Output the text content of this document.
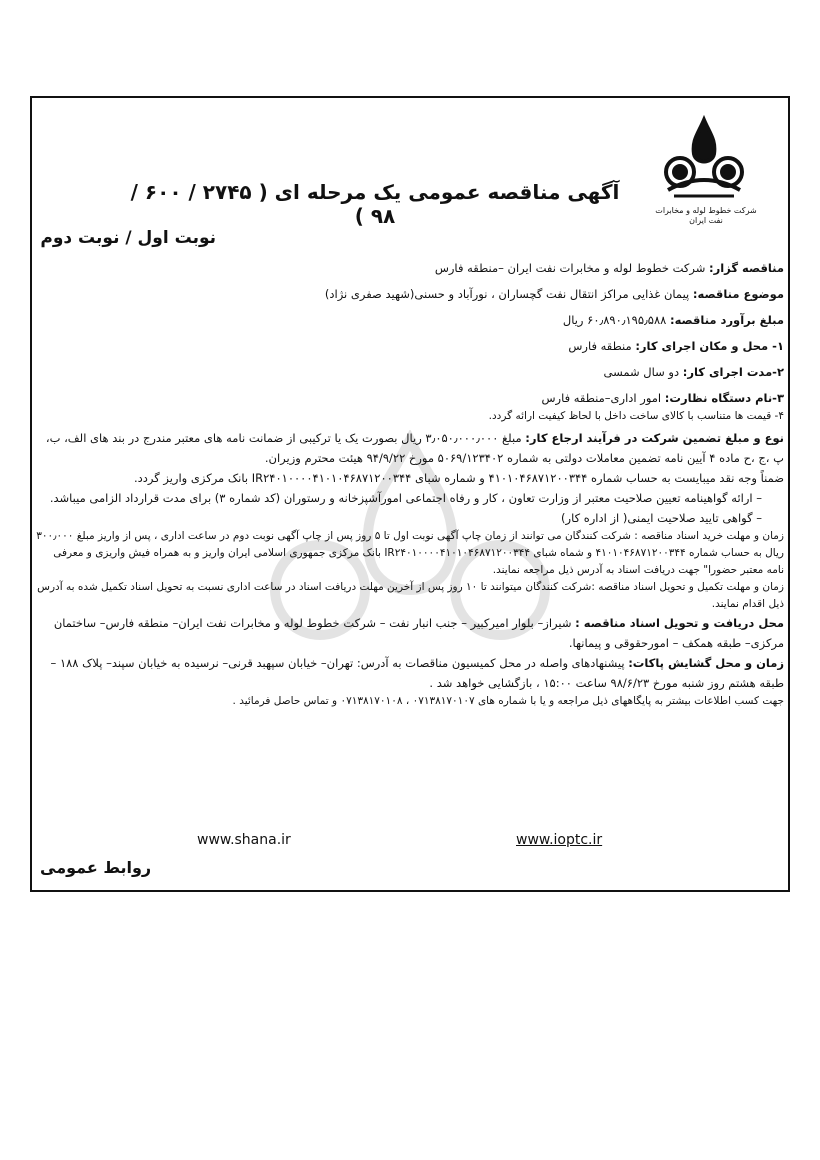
شرکت خطوط لوله و مخابرات نفت ایران
آگهی مناقصه عمومی یک مرحله ای ( ۲۷۴۵ / ۶۰۰ / ۹۸ )
نوبت اول / نوبت دوم

مناقصه گزار: شرکت خطوط لوله و مخابرات نفت ایران –منطقه فارس

موضوع مناقصه: پیمان غذایی مراکز انتقال نفت گچساران ، نورآباد و حسنی(شهید صفری نژاد)

مبلغ برآورد مناقصه: ۶۰٫۸۹۰٫۱۹۵٫۵۸۸ ریال

۱- محل و مکان اجرای کار: منطقه فارس

۲-مدت اجرای کار: دو سال شمسی

۳-نام دستگاه نظارت: امور اداری–منطقه فارس

۴- قیمت ها متناسب با کالای ساخت داخل با لحاظ کیفیت ارائه گردد.

نوع و مبلغ تضمین شرکت در فرآیند ارجاع کار: مبلغ ۳٫۰۵۰٫۰۰۰٫۰۰۰ ریال بصورت یک یا ترکیبی از ضمانت نامه های معتبر مندرج در بند های الف، ب، پ ،ج ،ح ماده ۴ آیین نامه تضمین معاملات دولتی به شماره ۵۰۶۹/۱۲۳۴۰۲ مورخ ۹۴/۹/۲۲ هیئت محترم وزیران.

ضمناً وجه نقد میبایست به حساب شماره ۴۱۰۱۰۴۶۸۷۱۲۰۰۳۴۴ و شماره شبای IR۲۴۰۱۰۰۰۰۴۱۰۱۰۴۶۸۷۱۲۰۰۳۴۴ بانک مرکزی واریز گردد.

– ارائه گواهینامه تعیین صلاحیت معتبر از وزارت تعاون ، کار و رفاه اجتماعی امورآشپزخانه و رستوران (کد شماره ۳) برای مدت قرارداد الزامی میباشد.

– گواهی تایید صلاحیت ایمنی( از اداره کار)

زمان و مهلت خرید اسناد مناقصه : شرکت کنندگان می توانند از زمان چاپ آگهی نوبت اول تا ۵ روز پس از چاپ آگهی نوبت دوم در ساعت اداری ، پس از واریز مبلغ ۳۰۰٫۰۰۰ ریال به حساب شماره ۴۱۰۱۰۴۶۸۷۱۲۰۰۳۴۴ و شماه شبای IR۲۴۰۱۰۰۰۰۴۱۰۱۰۴۶۸۷۱۲۰۰۳۴۴ بانک مرکزی جمهوری اسلامی ایران واریز و به همراه فیش واریزی و معرفی نامه معتبر حضورا" جهت دریافت اسناد به آدرس ذیل مراجعه نمایند.

زمان و مهلت تکمیل و تحویل اسناد مناقصه :شرکت کنندگان میتوانند تا ۱۰ روز پس از آخرین مهلت دریافت اسناد در ساعت اداری نسبت به تحویل اسناد تکمیل شده به آدرس ذیل اقدام نمایند.

محل دریافت و تحویل اسناد مناقصه : شیراز– بلوار امیرکبیر – جنب انبار نفت – شرکت خطوط لوله و مخابرات نفت ایران– منطقه فارس– ساختمان مرکزی– طبقه همکف – امورحقوقی و پیمانها.

زمان و محل گشایش پاکات: پیشنهادهای واصله در محل کمیسیون مناقصات به آدرس: تهران– خیابان سپهبد قرنی– نرسیده به خیابان سپند– پلاک ۱۸۸ – طبقه هشتم روز شنبه مورخ ۹۸/۶/۲۳ ساعت ۱۵:۰۰ ، بازگشایی خواهد شد .

جهت کسب اطلاعات بیشتر به پایگاههای ذیل مراجعه و یا با شماره های ۰۷۱۳۸۱۷۰۱۰۷ ، ۰۷۱۳۸۱۷۰۱۰۸ و تماس حاصل فرمائید .

www.shana.ir	www.ioptc.ir
روابط عمومی
